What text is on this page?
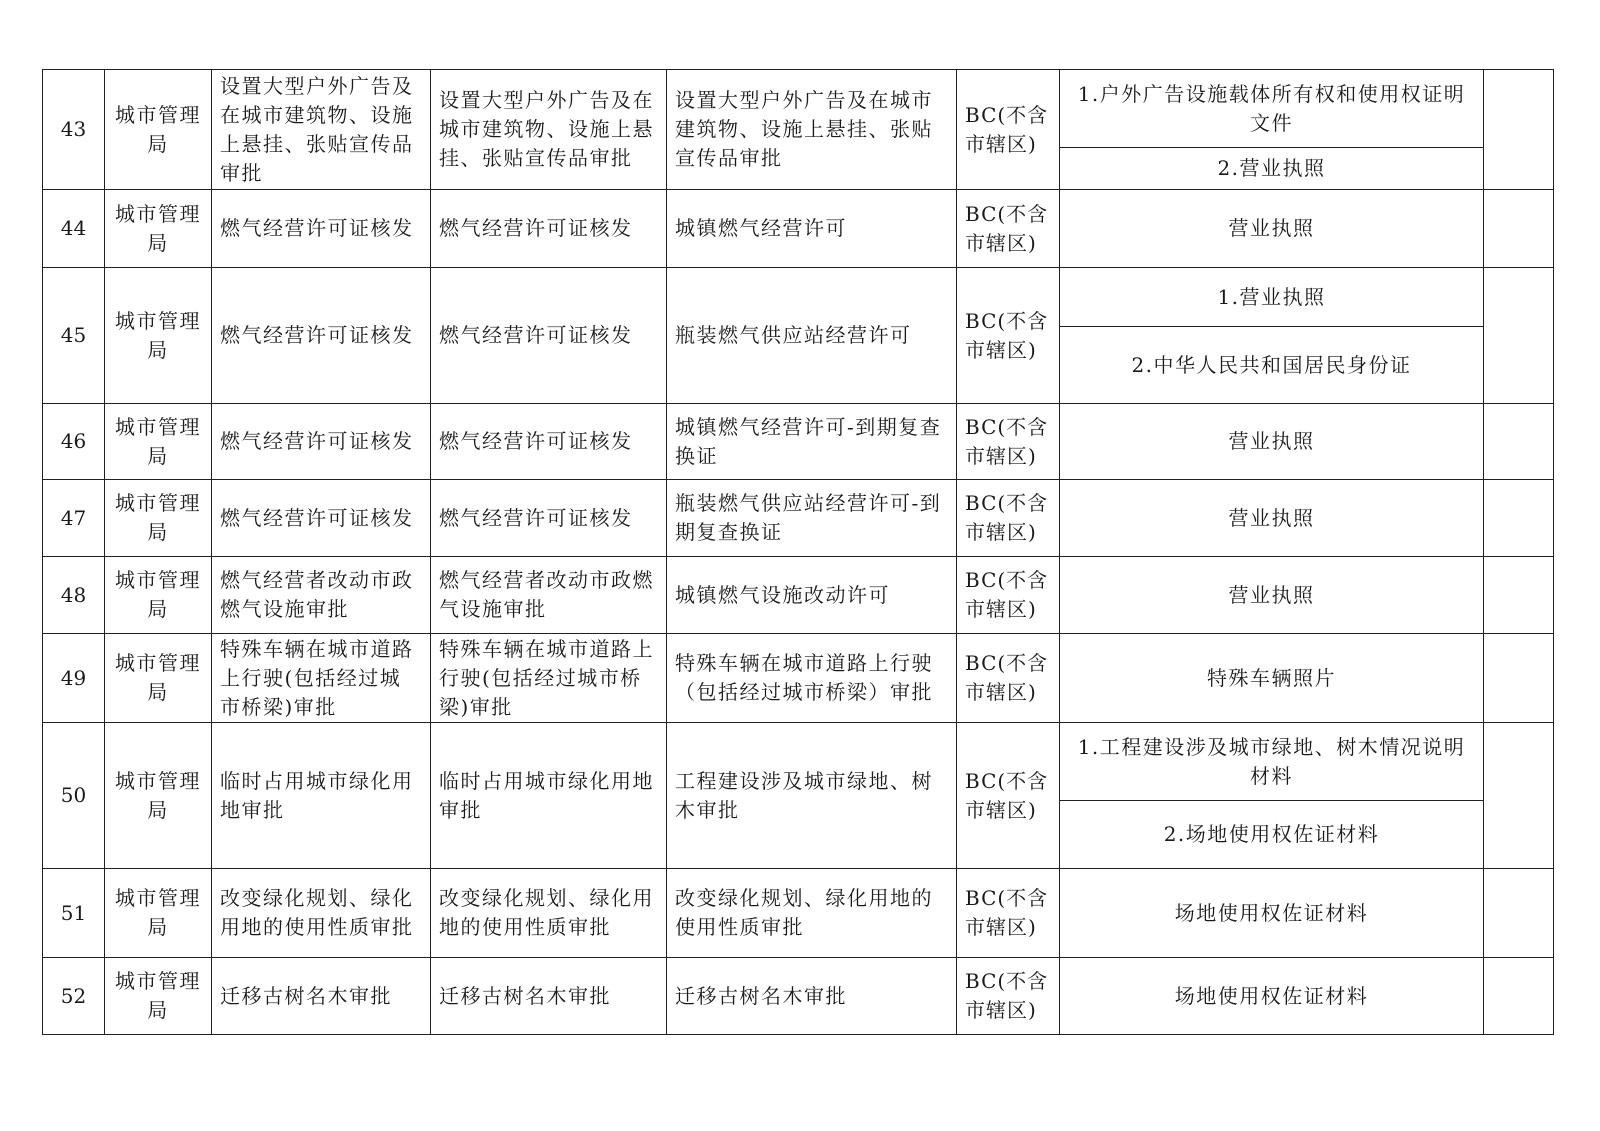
43	城市管理局	设置大型户外广告及在城市建筑物、设施上悬挂、张贴宣传品审批	设置大型户外广告及在城市建筑物、设施上悬挂、张贴宣传品审批	设置大型户外广告及在城市建筑物、设施上悬挂、张贴宣传品审批	BC(不含市辖区)	1.户外广告设施载体所有权和使用权证明文件
2.营业执照	

44	城市管理局	燃气经营许可证核发	燃气经营许可证核发	城镇燃气经营许可	BC(不含市辖区)	营业执照	

45	城市管理局	燃气经营许可证核发	燃气经营许可证核发	瓶装燃气供应站经营许可	BC(不含市辖区)	1.营业执照
2.中华人民共和国居民身份证	

46	城市管理局	燃气经营许可证核发	燃气经营许可证核发	城镇燃气经营许可-到期复查换证	BC(不含市辖区)	营业执照	

47	城市管理局	燃气经营许可证核发	燃气经营许可证核发	瓶装燃气供应站经营许可-到期复查换证	BC(不含市辖区)	营业执照	

48	城市管理局	燃气经营者改动市政燃气设施审批	燃气经营者改动市政燃气设施审批	城镇燃气设施改动许可	BC(不含市辖区)	营业执照	

49	城市管理局	特殊车辆在城市道路上行驶(包括经过城市桥梁)审批	特殊车辆在城市道路上行驶(包括经过城市桥梁)审批	特殊车辆在城市道路上行驶（包括经过城市桥梁）审批	BC(不含市辖区)	特殊车辆照片	

50	城市管理局	临时占用城市绿化用地审批	临时占用城市绿化用地审批	工程建设涉及城市绿地、树木审批	BC(不含市辖区)	1.工程建设涉及城市绿地、树木情况说明材料
2.场地使用权佐证材料	

51	城市管理局	改变绿化规划、绿化用地的使用性质审批	改变绿化规划、绿化用地的使用性质审批	改变绿化规划、绿化用地的使用性质审批	BC(不含市辖区)	场地使用权佐证材料	

52	城市管理局	迁移古树名木审批	迁移古树名木审批	迁移古树名木审批	BC(不含市辖区)	场地使用权佐证材料	
